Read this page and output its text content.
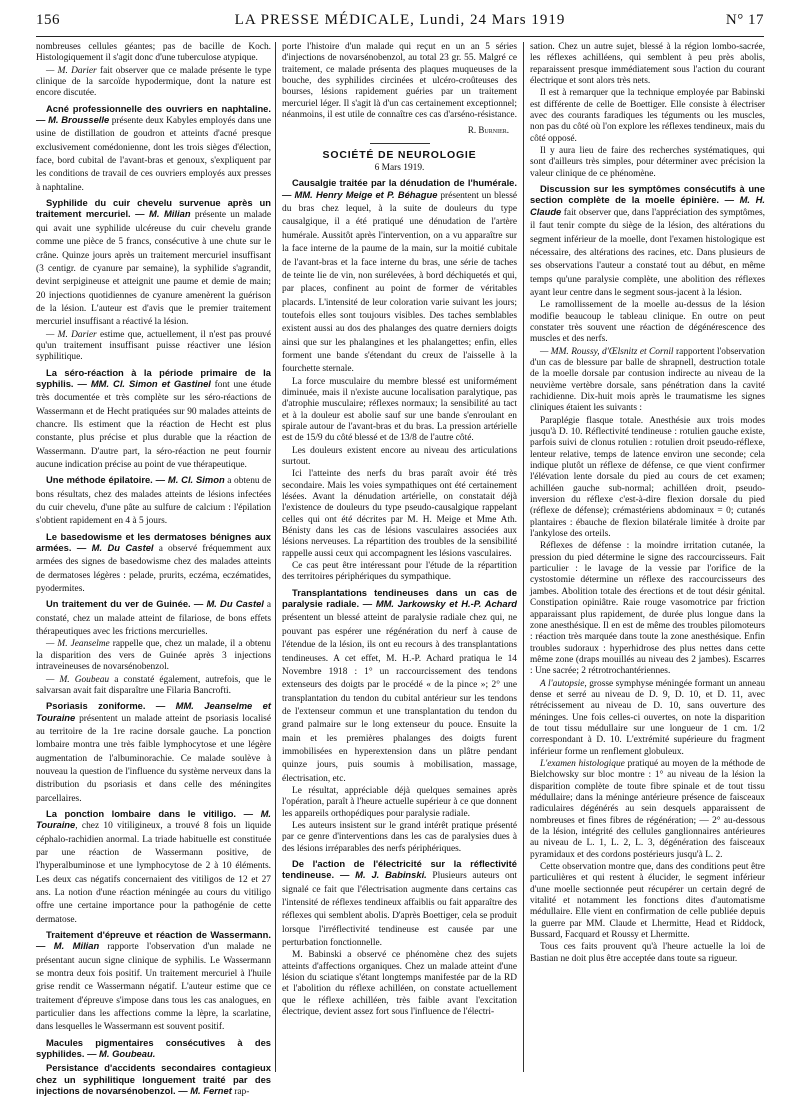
156	LA PRESSE MÉDICALE, Lundi, 24 Mars 1919	N° 17

nombreuses cellules géantes; pas de bacille de Koch. Histologiquement il s'agit donc d'une tuberculose atypique.

— M. Darier fait observer que ce malade présente le type clinique de la sarcoïde hypodermique, dont la nature est encore discutée.

Acné professionnelle des ouvriers en naphtaline. — M. Brousselle présente deux Kabyles employés dans une usine de distillation de goudron et atteints d'acné presque exclusivement comédonienne, dont les trois sièges d'élection, face, bord cubital de l'avant-bras et genoux, s'expliquent par les conditions de travail de ces ouvriers employés aux presses à naphtaline.

Syphilide du cuir chevelu survenue après un traitement mercuriel. — M. Milian présente un malade qui avait une syphilide ulcéreuse du cuir chevelu grande comme une pièce de 5 francs, consécutive à une chute sur le crâne. Quinze jours après un traitement mercuriel insuffisant (3 centigr. de cyanure par semaine), la syphilide s'agrandit, devint serpigineuse et atteignit une paume et demie de main; 20 injections quotidiennes de cyanure amenèrent la guérison de la lésion. L'auteur est d'avis que le premier traitement mercuriel insuffisant a réactivé la lésion.

— M. Darier estime que, actuellement, il n'est pas prouvé qu'un traitement insuffisant puisse réactiver une lésion syphilitique.

La séro-réaction à la période primaire de la syphilis. — MM. Cl. Simon et Gastinel font une étude très documentée et très complète sur les séro-réactions de Wassermann et de Hecht pratiquées sur 90 malades atteints de chancre. Ils estiment que la réaction de Hecht est plus constante, plus précise et plus durable que la réaction de Wassermann. D'autre part, la séro-réaction ne peut fournir aucune indication précise au point de vue thérapeutique.

Une méthode épilatoire. — M. Cl. Simon a obtenu de bons résultats, chez des malades atteints de lésions infectées du cuir chevelu, d'une pâte au sulfure de calcium : l'épilation s'obtient rapidement en 4 à 5 jours.

Le basedowisme et les dermatoses bénignes aux armées. — M. Du Castel a observé fréquemment aux armées des signes de basedowisme chez des malades atteints de dermatoses légères : pelade, prurits, eczéma, eczématides, pyodermites.

Un traitement du ver de Guinée. — M. Du Castel a constaté, chez un malade atteint de filariose, de bons effets thérapeutiques avec les frictions mercurielles.

— M. Jeanselme rappelle que, chez un malade, il a obtenu la disparition des vers de Guinée après 3 injections intraveineuses de novarsénobenzol.

— M. Goubeau a constaté également, autrefois, que le salvarsan avait fait disparaître une Filaria Bancrofti.

Psoriasis zoniforme. — MM. Jeanselme et Touraine présentent un malade atteint de psoriasis localisé au territoire de la 1re racine dorsale gauche. La ponction lombaire montra une très faible lymphocytose et une légère augmentation de l'albuminorachie. Ce malade soulève à nouveau la question de l'influence du système nerveux dans la distribution du psoriasis et dans celle des méningites parcellaires.

La ponction lombaire dans le vitiligo. — M. Touraine, chez 10 vitiligineux, a trouvé 8 fois un liquide céphalo-rachidien anormal. La triade habituelle est constituée par une réaction de Wassermann positive, de l'hyperalbuminose et une lymphocytose de 2 à 10 éléments. Les deux cas négatifs concernaient des vitiligos de 12 et 27 ans. La notion d'une réaction méningée au cours du vitiligo offre une certaine importance pour la pathogénie de cette dermatose.

Traitement d'épreuve et réaction de Wassermann. — M. Milian rapporte l'observation d'un malade ne présentant aucun signe clinique de syphilis. Le Wassermann se montra deux fois positif. Un traitement mercuriel à l'huile grise rendit ce Wassermann négatif. L'auteur estime que ce traitement d'épreuve s'impose dans tous les cas analogues, en particulier dans les affections comme la lèpre, la scarlatine, dans lesquelles le Wassermann est souvent positif.

Macules pigmentaires consécutives à des syphilides. — M. Goubeau.

Persistance d'accidents secondaires contagieux chez un syphilitique longuement traité par des injections de novarsénobenzol. — M. Fernet rap-

porte l'histoire d'un malade qui reçut en un an 5 séries d'injections de novarsénobenzol, au total 23 gr. 55. Malgré ce traitement, ce malade présenta des plaques muqueuses de la bouche, des syphilides circinées et ulcéro-croûteuses des bourses, lésions rapidement guéries par un traitement mercuriel léger. Il s'agit là d'un cas certainement exceptionnel; néanmoins, il est utile de connaître ces cas d'arséno-résistance.

R. Burnier.
SOCIÉTÉ DE NEUROLOGIE
6 Mars 1919.

Causalgie traitée par la dénudation de l'humérale. — MM. Henry Meige et P. Béhague présentent un blessé du bras chez lequel, à la suite de douleurs du type causalgique, il a été pratiqué une dénudation de l'artère humérale. Aussitôt après l'intervention, on a vu apparaître sur la face interne de la paume de la main, sur la moitié cubitale de l'avant-bras et la face interne du bras, une série de taches de teinte lie de vin, non surélevées, à bord déchiquetés et qui, par places, confinent au point de former de véritables placards. L'intensité de leur coloration varie suivant les jours; toutefois elles sont toujours visibles. Des taches semblables existent aussi au dos des phalanges des quatre derniers doigts ainsi que sur les phalangines et les phalangettes; enfin, elles forment une bande s'étendant du creux de l'aisselle à la fourchette sternale.

La force musculaire du membre blessé est uniformément diminuée, mais il n'existe aucune localisation paralytique, pas d'atrophie musculaire; réflexes normaux; la sensibilité au tact et à la douleur est abolie sauf sur une bande s'enroulant en spirale autour de l'avant-bras et du bras. La pression artérielle est de 15/9 du côté blessé et de 13/8 de l'autre côté.

Les douleurs existent encore au niveau des articulations surtout.

Ici l'atteinte des nerfs du bras paraît avoir été très secondaire. Mais les voies sympathiques ont été certainement lésées. Avant la dénudation artérielle, on constatait déjà l'existence de douleurs du type pseudo-causalgique rappelant celles qui ont été décrites par M. H. Meige et Mme Ath. Bénisty dans les cas de lésions vasculaires associées aux lésions nerveuses. La répartition des troubles de la sensibilité rappelle aussi ceux qui accompagnent les lésions vasculaires.

Ce cas peut être intéressant pour l'étude de la répartition des territoires périphériques du sympathique.

Transplantations tendineuses dans un cas de paralysie radiale. — MM. Jarkowsky et H.-P. Achard présentent un blessé atteint de paralysie radiale chez qui, ne pouvant pas espérer une régénération du nerf à cause de l'étendue de la lésion, ils ont eu recours à des transplantations tendineuses. A cet effet, M. H.-P. Achard pratiqua le 14 Novembre 1918 : 1° un raccourcissement des tendons extenseurs des doigts par le procédé « de la pince »; 2° une transplantation du tendon du cubital antérieur sur les tendons de l'extenseur commun et une transplantation du tendon du grand palmaire sur le long extenseur du pouce. Ensuite la main et les premières phalanges des doigts furent immobilisées en hyperextension dans un plâtre pendant quinze jours, puis soumis à mobilisation, massage, électrisation, etc.

Le résultat, appréciable déjà quelques semaines après l'opération, paraît à l'heure actuelle supérieur à ce que donnent les appareils orthopédiques pour paralysie radiale.

Les auteurs insistent sur le grand intérêt pratique présenté par ce genre d'interventions dans les cas de paralysies dues à des lésions irréparables des nerfs périphériques.

De l'action de l'électricité sur la réflectivité tendineuse. — M. J. Babinski. Plusieurs auteurs ont signalé ce fait que l'électrisation augmente dans certains cas l'intensité de réflexes tendineux affaiblis ou fait apparaître des réflexes qui semblent abolis. D'après Boettiger, cela se produit lorsque l'irréflectivité tendineuse est causée par une perturbation fonctionnelle.

M. Babinski a observé ce phénomène chez des sujets atteints d'affections organiques. Chez un malade atteint d'une lésion du sciatique s'étant longtemps manifestée par de la RD et l'abolition du réflexe achilléen, on constate actuellement que le réflexe achilléen, très faible avant l'excitation électrique, devient assez fort sous l'influence de l'électri-

sation. Chez un autre sujet, blessé à la région lombo-sacrée, les réflexes achilléens, qui semblent à peu près abolis, reparaissent presque immédiatement sous l'action du courant électrique et sont alors très nets.

Il est à remarquer que la technique employée par Babinski est différente de celle de Boettiger. Elle consiste à électriser avec des courants faradiques les téguments ou les muscles, non pas du côté où l'on explore les réflexes tendineux, mais du côté opposé.

Il y aura lieu de faire des recherches systématiques, qui sont d'ailleurs très simples, pour déterminer avec précision la valeur clinique de ce phénomène.

Discussion sur les symptômes consécutifs à une section complète de la moelle épinière. — M. H. Claude fait observer que, dans l'appréciation des symptômes, il faut tenir compte du siège de la lésion, des altérations du segment inférieur de la moelle, dont l'examen histologique est nécessaire, des altérations des racines, etc. Dans plusieurs de ses observations l'auteur a constaté tout au début, en même temps qu'une paralysie complète, une abolition des réflexes ayant leur centre dans le segment sous-jacent à la lésion.

Le ramollissement de la moelle au-dessus de la lésion modifie beaucoup le tableau clinique. En outre on peut constater très souvent une réaction de dégénérescence des muscles et des nerfs.

— MM. Roussy, d'Œlsnitz et Cornil rapportent l'observation d'un cas de blessure par balle de shrapnell, destruction totale de la moelle dorsale par contusion indirecte au niveau de la neuvième vertèbre dorsale, sans pénétration dans la cavité rachidienne. Dix-huit mois après le traumatisme les signes cliniques étaient les suivants :

Paraplégie flasque totale. Anesthésie aux trois modes jusqu'à D. 10. Réflectivité tendineuse : rotulien gauche existe, parfois suivi de clonus rotulien : rotulien droit pseudo-réflexe, lenteur relative, temps de latence environ une seconde; cela indique plutôt un réflexe de défense, ce que vient confirmer l'élévation lente dorsale du pied au cours de cet examen; achilléen gauche sub-normal; achilléen droit, pseudo-inversion du réflexe c'est-à-dire flexion dorsale du pied (réflexe de défense); crémastériens abdominaux = 0; cutanés plantaires : ébauche de flexion bilatérale limitée à droite par l'ankylose des orteils.

Réflexes de défense : la moindre irritation cutanée, la pression du pied détermine le signe des raccourcisseurs. Fait particulier : le lavage de la vessie par l'orifice de la cystostomie détermine un réflexe des raccourcisseurs des jambes. Abolition totale des érections et de tout désir génital. Constipation opiniâtre. Raie rouge vasomotrice par friction apparaissant plus rapidement, de durée plus longue dans la zone anesthésique. Il en est de même des troubles pilomoteurs : réaction très marquée dans toute la zone anesthésique. Enfin troubles sudoraux : hyperhidrose des plus nettes dans cette même zone (draps mouillés au niveau des 2 jambes). Escarres : Une sacrée; 2 rétrotrochantériennes.

A l'autopsie, grosse symphyse méningée formant un anneau dense et serré au niveau de D. 9, D. 10, et D. 11, avec rétrécissement au niveau de D. 10, sans ouverture des méninges. Une fois celles-ci ouvertes, on note la disparition de tout tissu médullaire sur une longueur de 1 cm. 1/2 correspondant à D. 10. L'extrémité supérieure du fragment inférieur forme un renflement globuleux.

L'examen histologique pratiqué au moyen de la méthode de Bielchowsky sur bloc montre : 1° au niveau de la lésion la disparition complète de toute fibre spinale et de tout tissu médullaire; dans la méninge antérieure présence de faisceaux radiculaires dégénérés au sein desquels apparaissent de nombreuses et fines fibres de régénération; — 2° au-dessous de la lésion, intégrité des cellules ganglionnaires antérieures au niveau de L. 1, L. 2, L. 3, dégénération des faisceaux pyramidaux et des cordons postérieurs jusqu'à L. 2.

Cette observation montre que, dans des conditions peut être particulières et qui restent à élucider, le segment inférieur d'une moelle sectionnée peut récupérer un certain degré de vitalité et notamment les fonctions dites d'automatisme médullaire. Elle vient en confirmation de celle publiée depuis la guerre par MM. Claude et Lhermitte, Head et Riddock, Bussard, Facquard et Roussy et Lhermitte.

Tous ces faits prouvent qu'à l'heure actuelle la loi de Bastian ne doit plus être acceptée dans toute sa rigueur.
